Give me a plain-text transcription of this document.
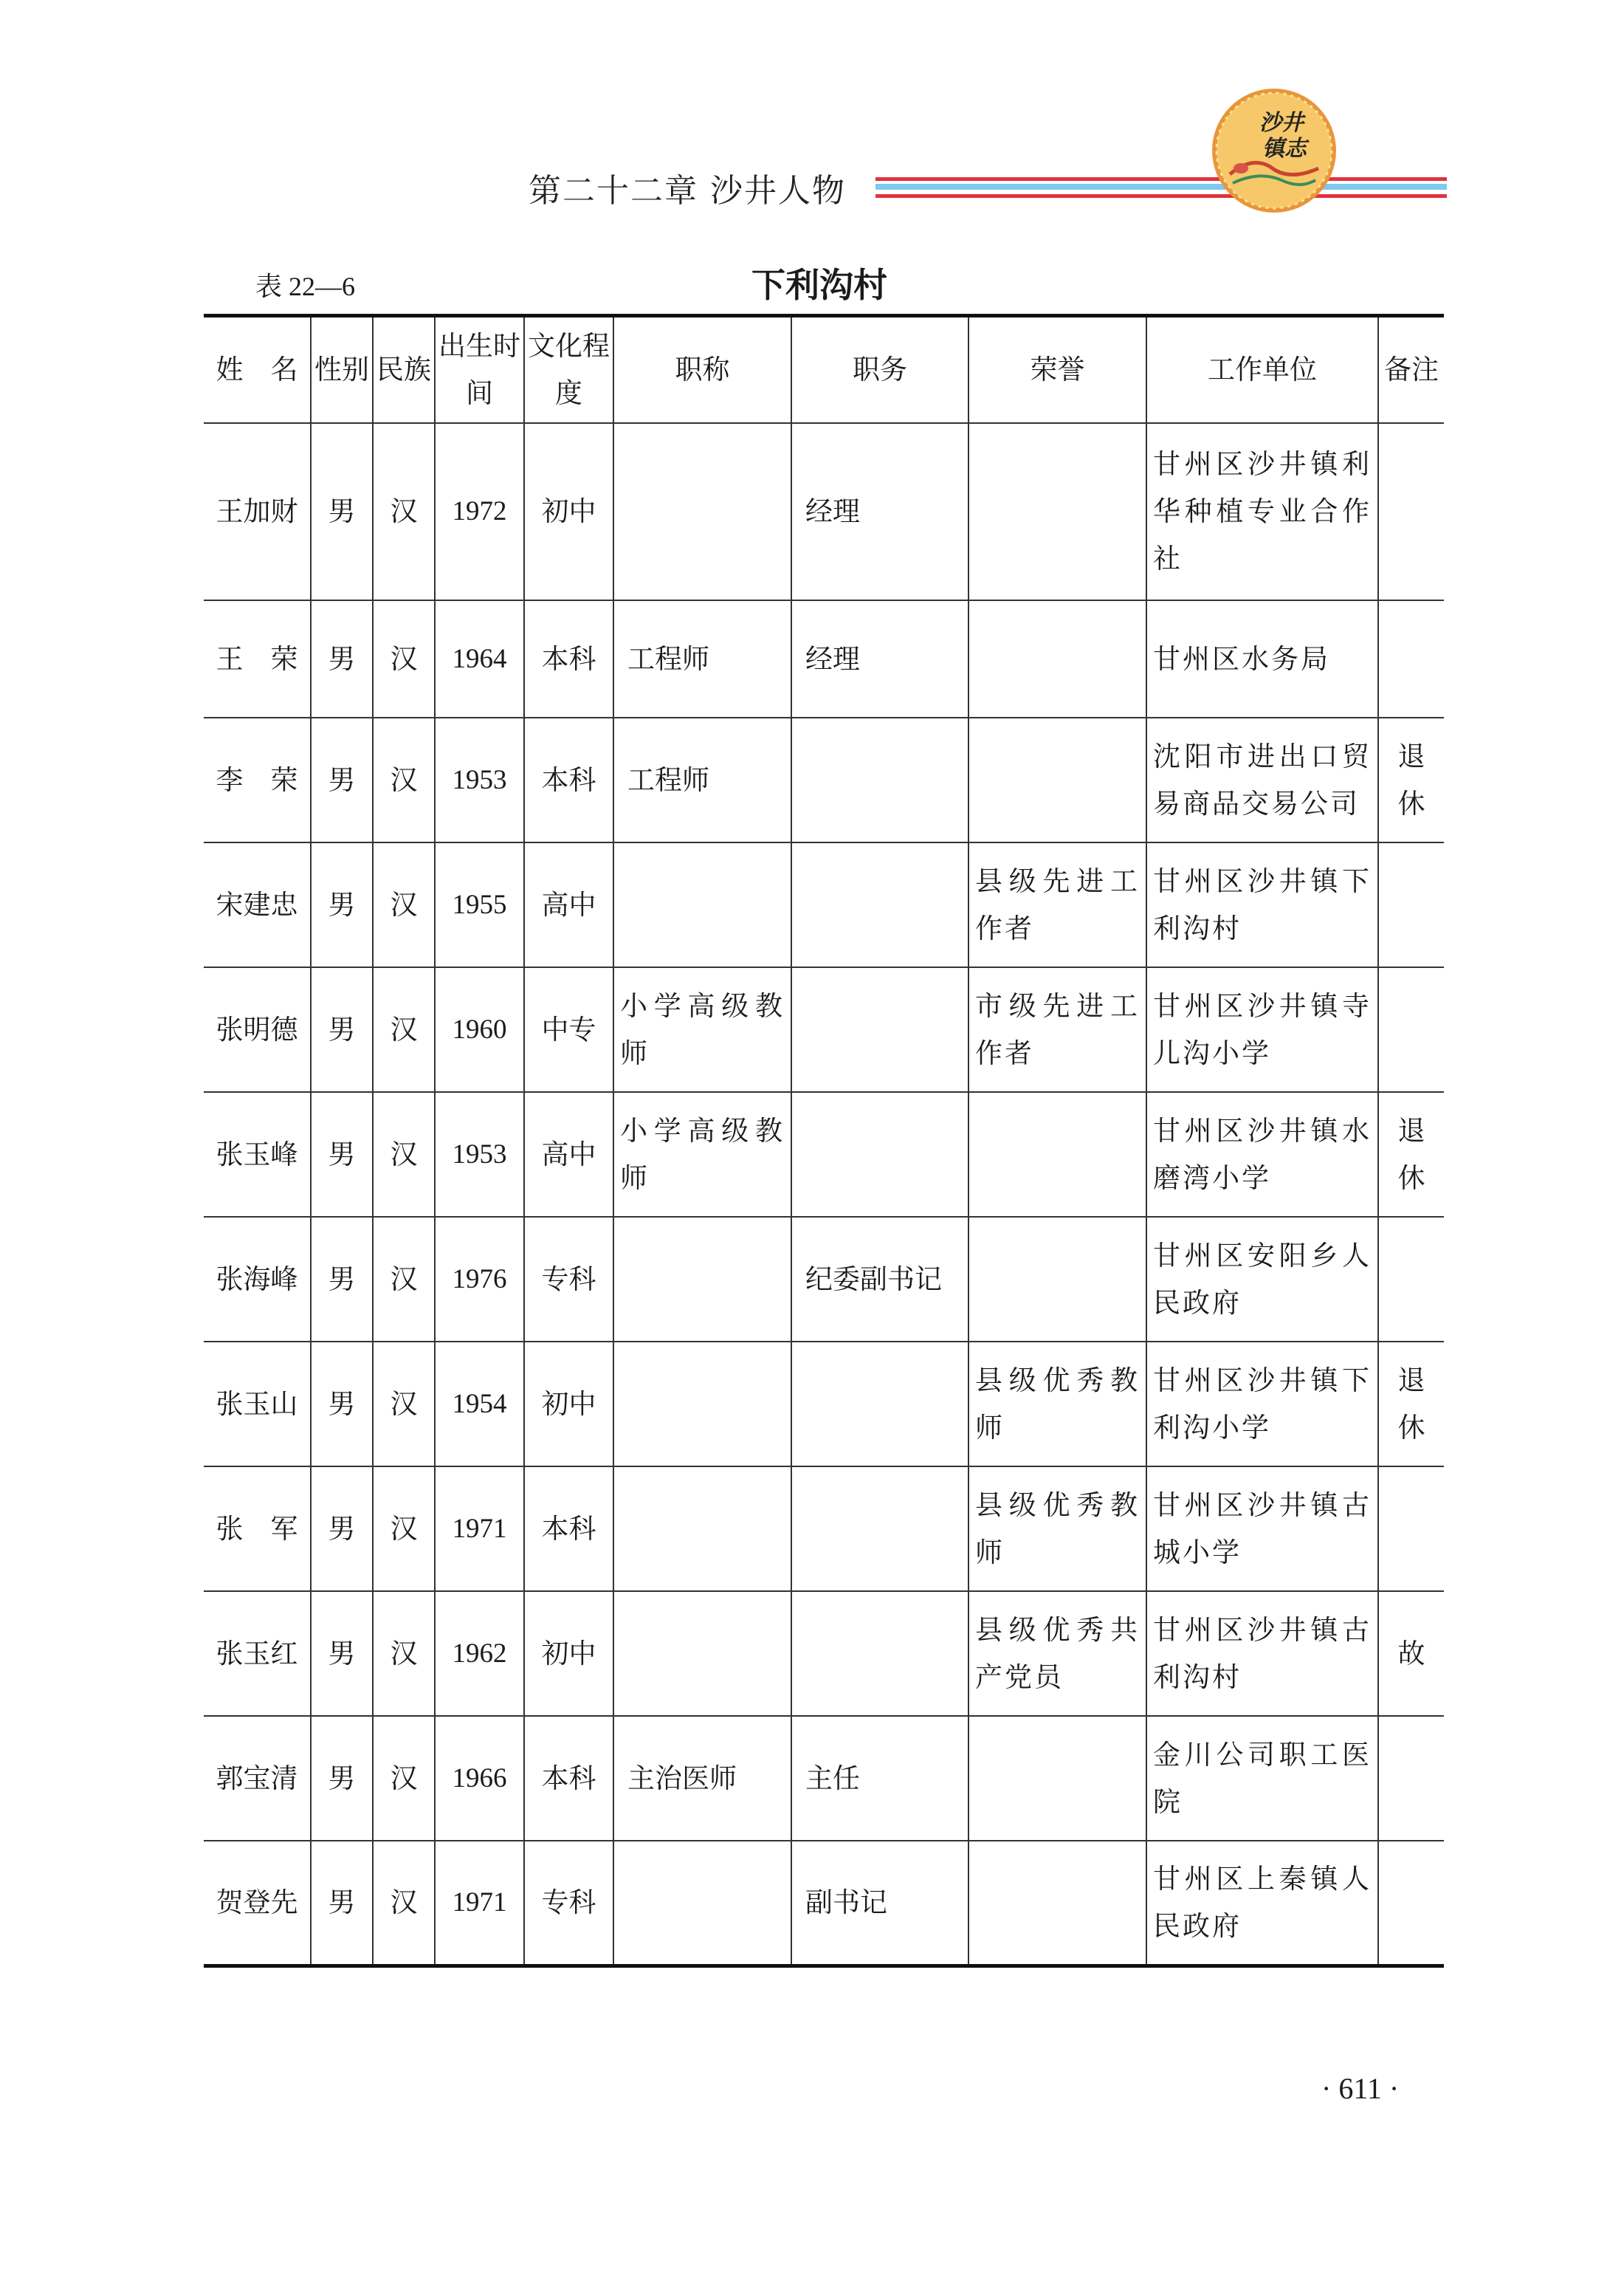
第二十二章 沙井人物
沙井
镇志
表 22—6	下利沟村
姓　名	性别	民族	出生时间	文化程度	职称	职务	荣誉	工作单位	备注
王加财	男	汉	1972	初中		经理		甘州区沙井镇利华种植专业合作社	
王　荣	男	汉	1964	本科	工程师	经理		甘州区水务局	
李　荣	男	汉	1953	本科	工程师			沈阳市进出口贸易商品交易公司	退休
宋建忠	男	汉	1955	高中			县级先进工作者	甘州区沙井镇下利沟村	
张明德	男	汉	1960	中专	小学高级教师		市级先进工作者	甘州区沙井镇寺儿沟小学	
张玉峰	男	汉	1953	高中	小学高级教师			甘州区沙井镇水磨湾小学	退休
张海峰	男	汉	1976	专科		纪委副书记		甘州区安阳乡人民政府	
张玉山	男	汉	1954	初中			县级优秀教师	甘州区沙井镇下利沟小学	退休
张　军	男	汉	1971	本科			县级优秀教师	甘州区沙井镇古城小学	
张玉红	男	汉	1962	初中			县级优秀共产党员	甘州区沙井镇古利沟村	故
郭宝清	男	汉	1966	本科	主治医师	主任		金川公司职工医院	
贺登先	男	汉	1971	专科		副书记		甘州区上秦镇人民政府	
· 611 ·
